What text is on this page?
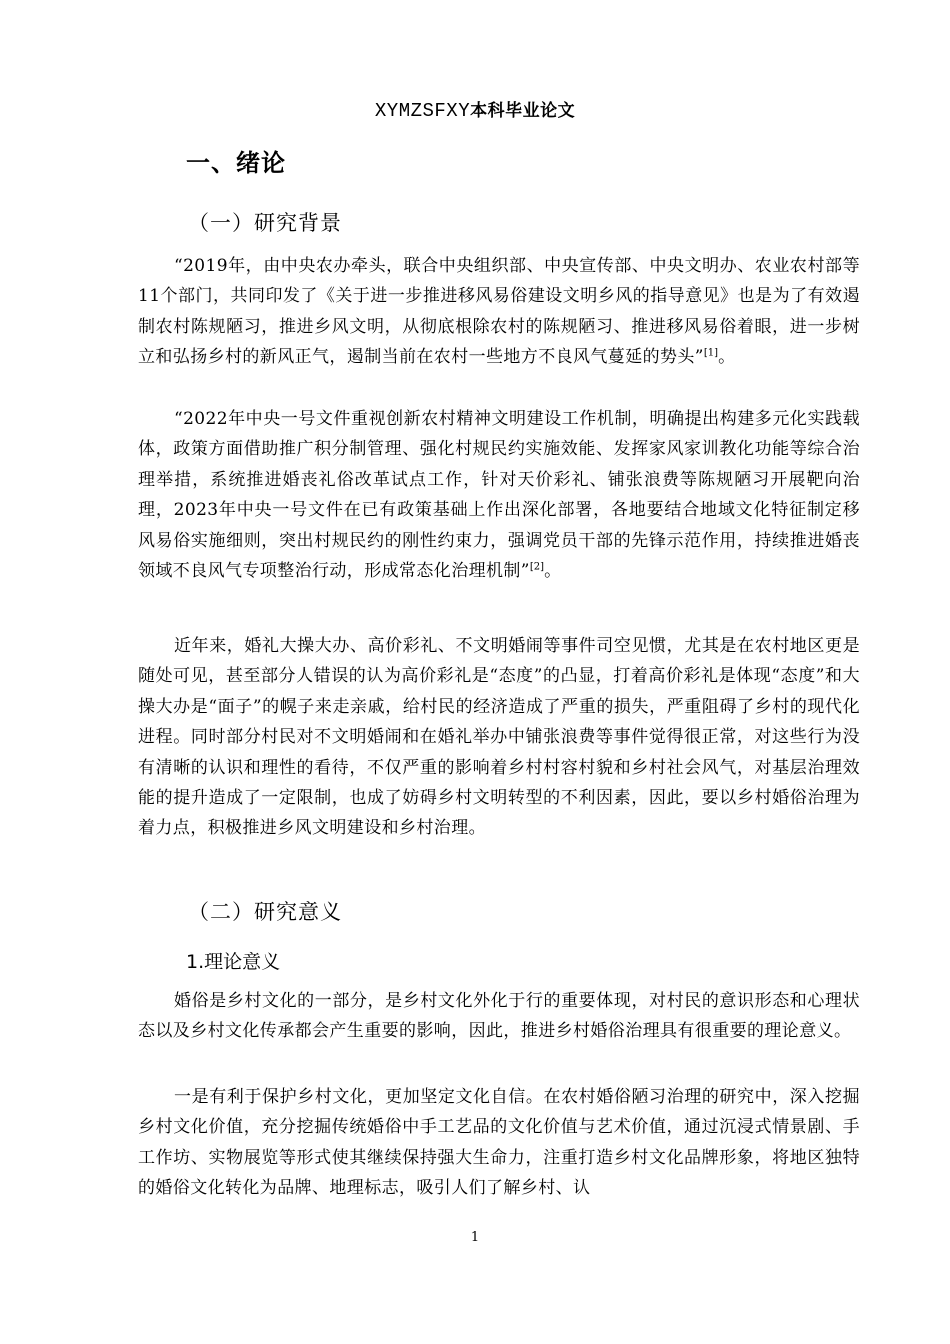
XYMZSFXY本科毕业论文
一、绪论
（一）研究背景
“2019年，由中央农办牵头，联合中央组织部、中央宣传部、中央文明办、农业农村部等11个部门，共同印发了《关于进一步推进移风易俗建设文明乡风的指导意见》也是为了有效遏制农村陈规陋习，推进乡风文明，从彻底根除农村的陈规陋习、推进移风易俗着眼，进一步树立和弘扬乡村的新风正气，遏制当前在农村一些地方不良风气蔓延的势头”[1]。
“2022年中央一号文件重视创新农村精神文明建设工作机制，明确提出构建多元化实践载体，政策方面借助推广积分制管理、强化村规民约实施效能、发挥家风家训教化功能等综合治理举措，系统推进婚丧礼俗改革试点工作，针对天价彩礼、铺张浪费等陈规陋习开展靶向治理，2023年中央一号文件在已有政策基础上作出深化部署，各地要结合地域文化特征制定移风易俗实施细则，突出村规民约的刚性约束力，强调党员干部的先锋示范作用，持续推进婚丧领域不良风气专项整治行动，形成常态化治理机制”[2]。
近年来，婚礼大操大办、高价彩礼、不文明婚闹等事件司空见惯，尤其是在农村地区更是随处可见，甚至部分人错误的认为高价彩礼是“态度”的凸显，打着高价彩礼是体现“态度”和大操大办是“面子”的幌子来走亲戚，给村民的经济造成了严重的损失，严重阻碍了乡村的现代化进程。同时部分村民对不文明婚闹和在婚礼举办中铺张浪费等事件觉得很正常，对这些行为没有清晰的认识和理性的看待，不仅严重的影响着乡村村容村貌和乡村社会风气，对基层治理效能的提升造成了一定限制，也成了妨碍乡村文明转型的不利因素，因此，要以乡村婚俗治理为着力点，积极推进乡风文明建设和乡村治理。
（二）研究意义
1.理论意义
婚俗是乡村文化的一部分，是乡村文化外化于行的重要体现，对村民的意识形态和心理状态以及乡村文化传承都会产生重要的影响，因此，推进乡村婚俗治理具有很重要的理论意义。
一是有利于保护乡村文化，更加坚定文化自信。在农村婚俗陋习治理的研究中，深入挖掘乡村文化价值，充分挖掘传统婚俗中手工艺品的文化价值与艺术价值，通过沉浸式情景剧、手工作坊、实物展览等形式使其继续保持强大生命力，注重打造乡村文化品牌形象，将地区独特的婚俗文化转化为品牌、地理标志，吸引人们了解乡村、认
1
